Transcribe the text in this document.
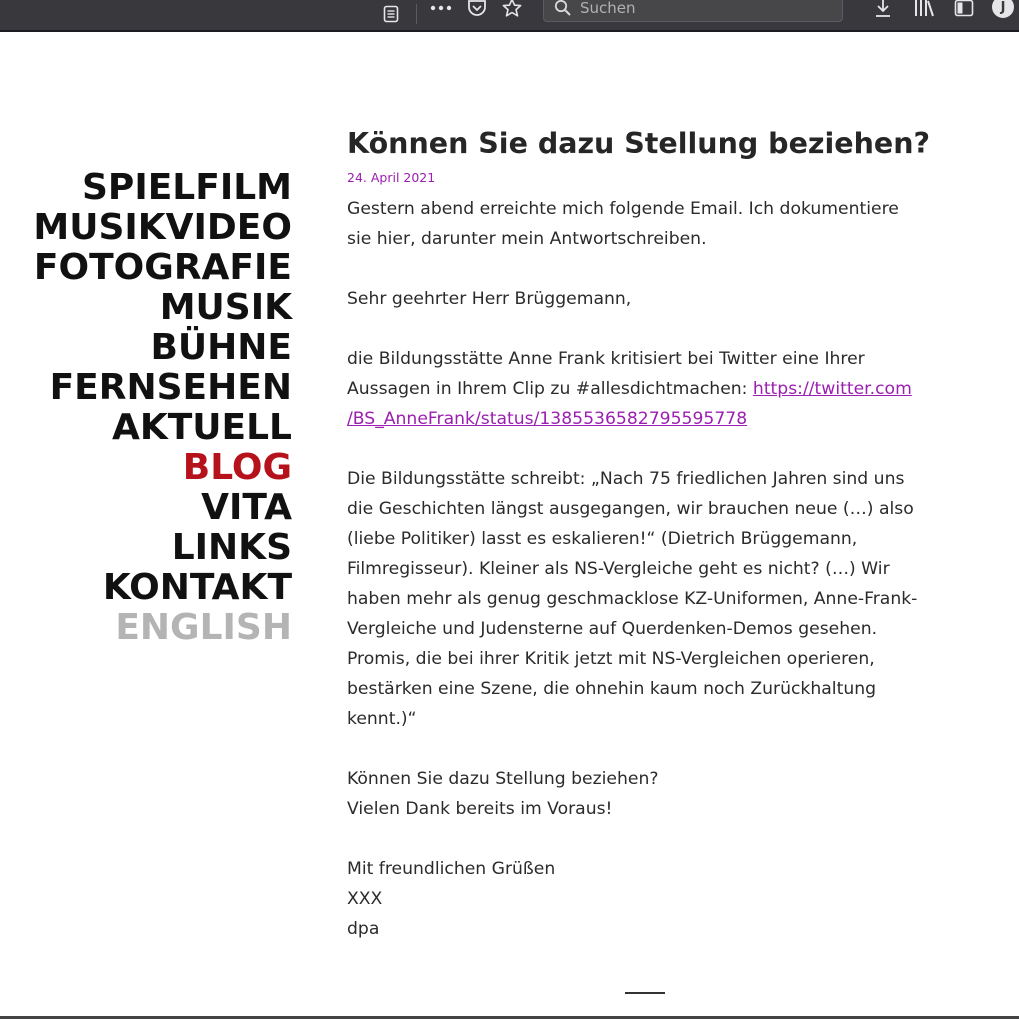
Suchen
J
SPIELFILM
MUSIKVIDEO
FOTOGRAFIE
MUSIK
BÜHNE
FERNSEHEN
AKTUELL
BLOG
VITA
LINKS
KONTAKT
ENGLISH
Können Sie dazu Stellung beziehen?
24. April 2021

Gestern abend erreichte mich folgende Email. Ich dokumentiere
sie hier, darunter mein Antwortschreiben.

Sehr geehrter Herr Brüggemann,

die Bildungsstätte Anne Frank kritisiert bei Twitter eine Ihrer
Aussagen in Ihrem Clip zu #allesdichtmachen: https://twitter.com
/BS_AnneFrank/status/1385536582795595778

Die Bildungsstätte schreibt: „Nach 75 friedlichen Jahren sind uns
die Geschichten längst ausgegangen, wir brauchen neue (…) also
(liebe Politiker) lasst es eskalieren!“ (Dietrich Brüggemann,
Filmregisseur). Kleiner als NS-Vergleiche geht es nicht? (…) Wir
haben mehr als genug geschmacklose KZ-Uniformen, Anne-Frank-
Vergleiche und Judensterne auf Querdenken-Demos gesehen.
Promis, die bei ihrer Kritik jetzt mit NS-Vergleichen operieren,
bestärken eine Szene, die ohnehin kaum noch Zurückhaltung
kennt.)“

Können Sie dazu Stellung beziehen?
Vielen Dank bereits im Voraus!

Mit freundlichen Grüßen
XXX
dpa
